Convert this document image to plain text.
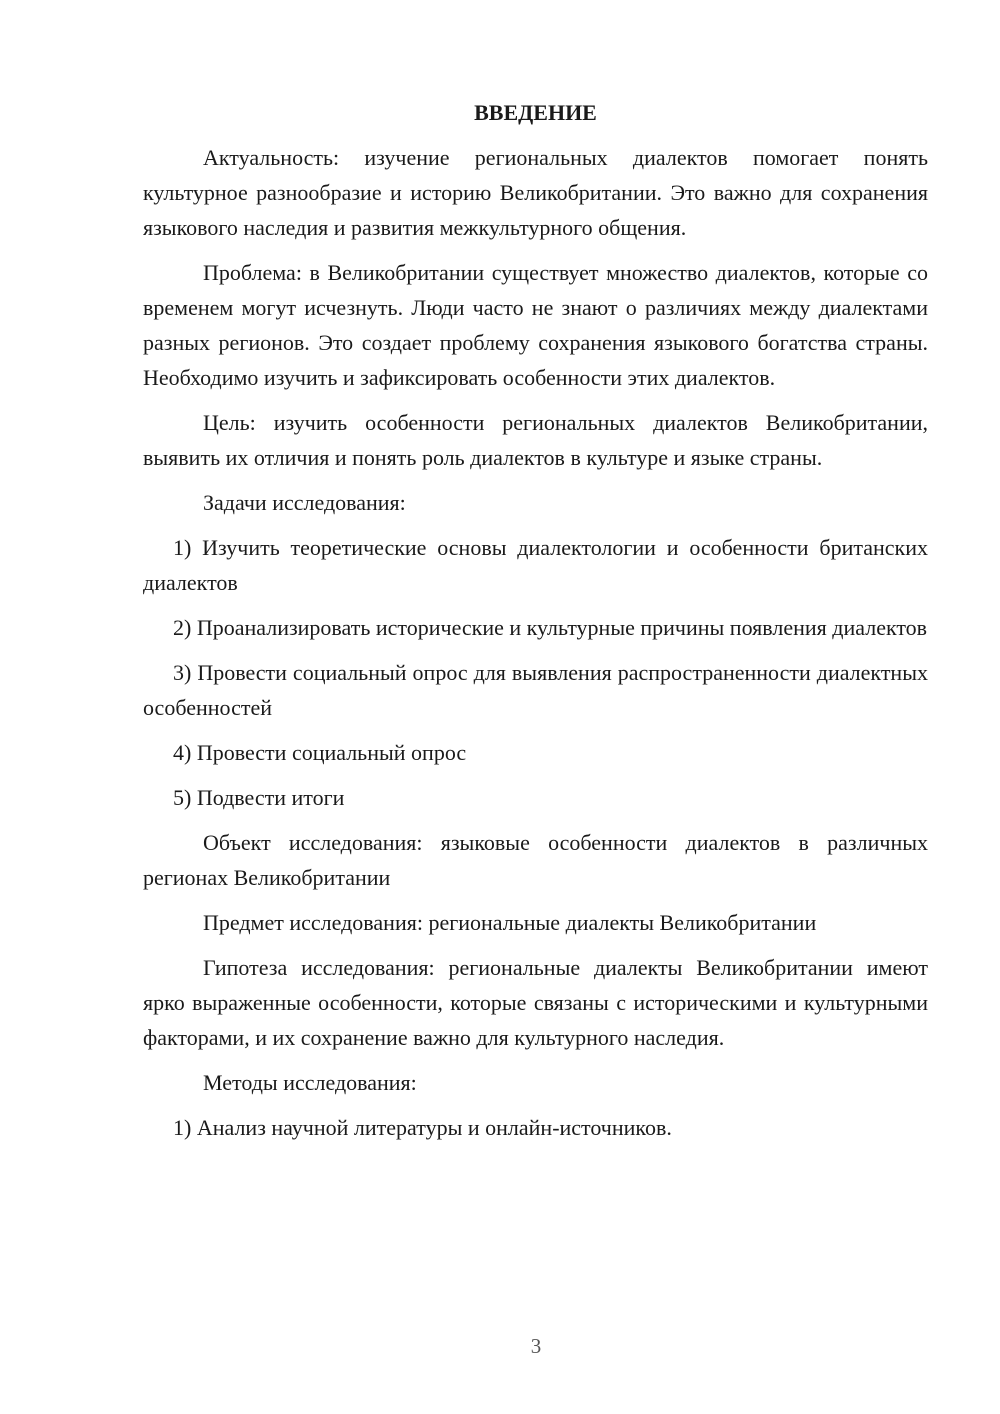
ВВЕДЕНИЕ

Актуальность: изучение региональных диалектов помогает понять культурное разнообразие и историю Великобритании. Это важно для сохранения языкового наследия и развития межкультурного общения.

Проблема: в Великобритании существует множество диалектов, которые со временем могут исчезнуть. Люди часто не знают о различиях между диалектами разных регионов. Это создает проблему сохранения языкового богатства страны. Необходимо изучить и зафиксировать особенности этих диалектов.

Цель: изучить особенности региональных диалектов Великобритании, выявить их отличия и понять роль диалектов в культуре и языке страны.

Задачи исследования:

1) Изучить теоретические основы диалектологии и особенности британских диалектов

2) Проанализировать исторические и культурные причины появления диалектов

3) Провести социальный опрос для выявления распространенности диалектных особенностей

4) Провести социальный опрос

5) Подвести итоги

Объект исследования: языковые особенности диалектов в различных регионах Великобритании

Предмет исследования: региональные диалекты Великобритании

Гипотеза исследования: региональные диалекты Великобритании имеют ярко выраженные особенности, которые связаны с историческими и культурными факторами, и их сохранение важно для культурного наследия.

Методы исследования:

1) Анализ научной литературы и онлайн-источников.

3
